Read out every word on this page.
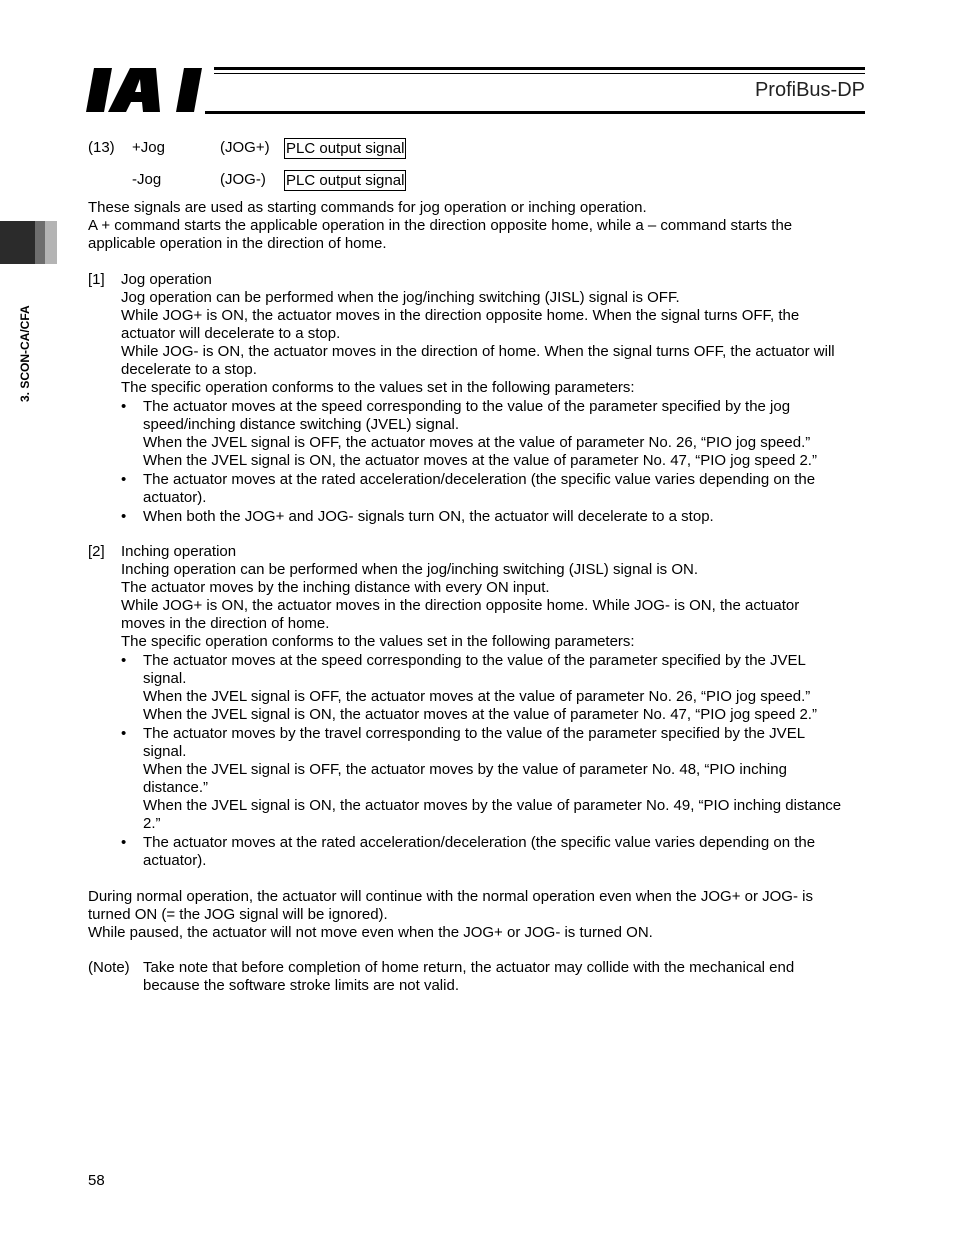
ProfiBus-DP
3. SCON-CA/CFA
(13) +Jog	(JOG+) PLC output signal
-Jog	(JOG-) PLC output signal
These signals are used as starting commands for jog operation or inching operation.
A + command starts the applicable operation in the direction opposite home, while a – command starts the
applicable operation in the direction of home.
[1] Jog operation
Jog operation can be performed when the jog/inching switching (JISL) signal is OFF.
While JOG+ is ON, the actuator moves in the direction opposite home. When the signal turns OFF, the
actuator will decelerate to a stop.
While JOG- is ON, the actuator moves in the direction of home. When the signal turns OFF, the actuator will
decelerate to a stop.
The specific operation conforms to the values set in the following parameters:
• The actuator moves at the speed corresponding to the value of the parameter specified by the jog
speed/inching distance switching (JVEL) signal.
When the JVEL signal is OFF, the actuator moves at the value of parameter No. 26, “PIO jog speed.”
When the JVEL signal is ON, the actuator moves at the value of parameter No. 47, “PIO jog speed 2.”
• The actuator moves at the rated acceleration/deceleration (the specific value varies depending on the
actuator).
• When both the JOG+ and JOG- signals turn ON, the actuator will decelerate to a stop.
[2] Inching operation
Inching operation can be performed when the jog/inching switching (JISL) signal is ON.
The actuator moves by the inching distance with every ON input.
While JOG+ is ON, the actuator moves in the direction opposite home. While JOG- is ON, the actuator
moves in the direction of home.
The specific operation conforms to the values set in the following parameters:
• The actuator moves at the speed corresponding to the value of the parameter specified by the JVEL
signal.
When the JVEL signal is OFF, the actuator moves at the value of parameter No. 26, “PIO jog speed.”
When the JVEL signal is ON, the actuator moves at the value of parameter No. 47, “PIO jog speed 2.”
• The actuator moves by the travel corresponding to the value of the parameter specified by the JVEL
signal.
When the JVEL signal is OFF, the actuator moves by the value of parameter No. 48, “PIO inching
distance.”
When the JVEL signal is ON, the actuator moves by the value of parameter No. 49, “PIO inching distance
2.”
• The actuator moves at the rated acceleration/deceleration (the specific value varies depending on the
actuator).
During normal operation, the actuator will continue with the normal operation even when the JOG+ or JOG- is
turned ON (= the JOG signal will be ignored).
While paused, the actuator will not move even when the JOG+ or JOG- is turned ON.
(Note) Take note that before completion of home return, the actuator may collide with the mechanical end
because the software stroke limits are not valid.
58
